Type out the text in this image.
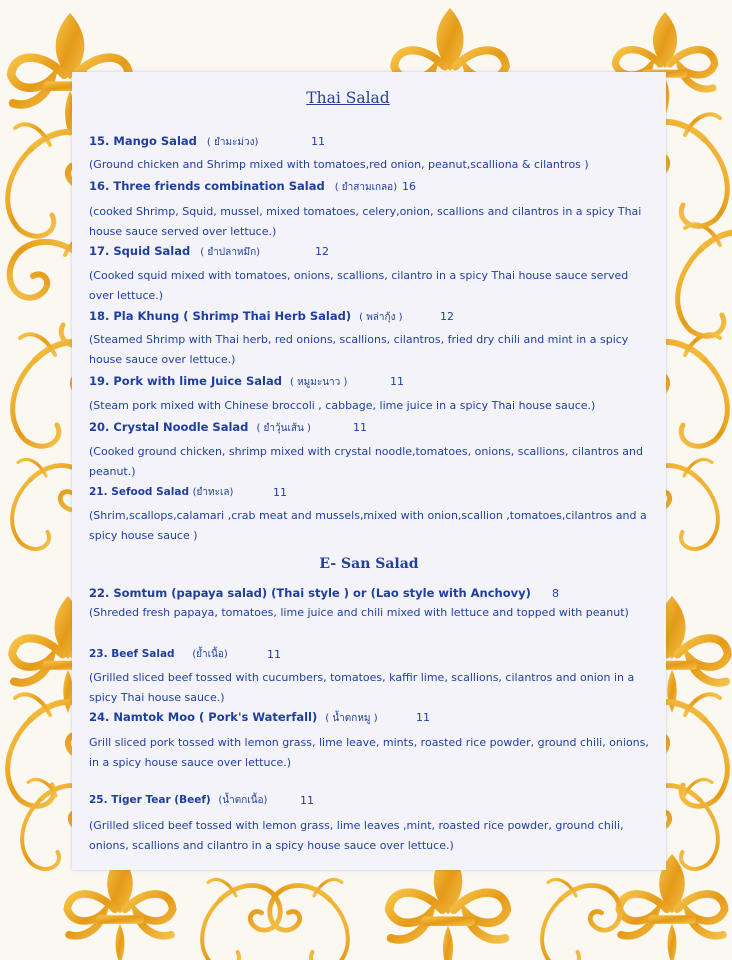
Thai Salad
15. Mango Salad ( ยำมะม่วง)	11
(Ground chicken and Shrimp mixed with tomatoes,red onion, peanut,scalliona & cilantros )
16. Three friends combination Salad ( ยำสามเกลอ) 16
(cooked Shrimp, Squid, mussel, mixed tomatoes, celery,onion, scallions and cilantros in a spicy Thai house sauce served over lettuce.)
17. Squid Salad ( ยำปลาหมึก)	12
(Cooked squid mixed with tomatoes, onions, scallions, cilantro in a spicy Thai house sauce served over lettuce.)
18. Pla Khung ( Shrimp Thai Herb Salad) ( พล่ากุ้ง )	12
(Steamed Shrimp with Thai herb, red onions, scallions, cilantros, fried dry chili and mint in a spicy house sauce over lettuce.)
19. Pork with lime Juice Salad ( หมูมะนาว )	11
(Steam pork mixed with Chinese broccoli , cabbage, lime juice in a spicy Thai house sauce.)
20. Crystal Noodle Salad ( ยำวุ้นเส้น )	11
(Cooked ground chicken, shrimp mixed with crystal noodle,tomatoes, onions, scallions, cilantros and peanut.)
21. Sefood Salad (ยำทะเล)	11
(Shrim,scallops,calamari ,crab meat and mussels,mixed with onion,scallion ,tomatoes,cilantros and a spicy house sauce )
E- San Salad
22. Somtum (papaya salad) (Thai style ) or (Lao style with Anchovy) 8
(Shreded fresh papaya, tomatoes, lime juice and chili mixed with lettuce and topped with peanut)
23. Beef Salad (ย้ำเนื้อ)	11
(Grilled sliced beef tossed with cucumbers, tomatoes, kaffir lime, scallions, cilantros and onion in a spicy Thai house sauce.)
24. Namtok Moo ( Pork's Waterfall) ( น้ำตกหมู )	11
Grill sliced pork tossed with lemon grass, lime leave, mints, roasted rice powder, ground chili, onions, in a spicy house sauce over lettuce.)
25. Tiger Tear (Beef) (น้ำตกเนื้อ)	11
(Grilled sliced beef tossed with lemon grass, lime leaves ,mint, roasted rice powder, ground chili, onions, scallions and cilantro in a spicy house sauce over lettuce.)
